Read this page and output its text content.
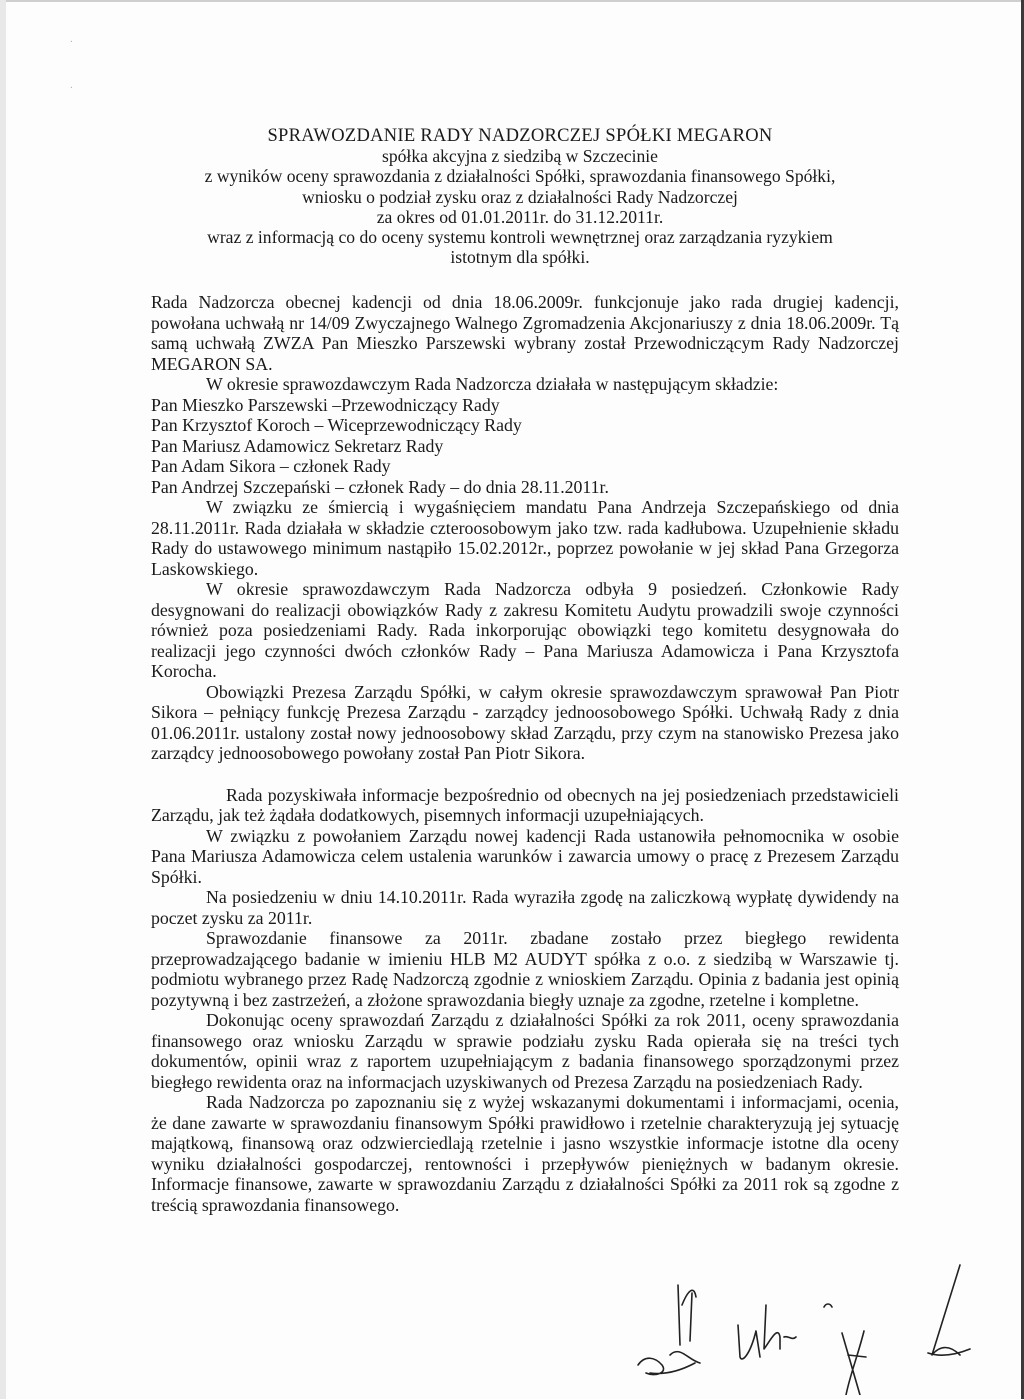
ˑ
ˑ

SPRAWOZDANIE RADY NADZORCZEJ SPÓŁKI MEGARON

spółka akcyjna z siedzibą w Szczecinie

z wyników oceny sprawozdania z działalności Spółki, sprawozdania finansowego Spółki,

wniosku o podział zysku oraz z działalności Rady Nadzorczej

za okres od 01.01.2011r. do 31.12.2011r.

wraz z informacją co do oceny systemu kontroli wewnętrznej oraz zarządzania ryzykiem

istotnym dla spółki.

Rada Nadzorcza obecnej kadencji od dnia 18.06.2009r. funkcjonuje jako rada drugiej kadencji, powołana uchwałą nr 14/09 Zwyczajnego Walnego Zgromadzenia Akcjonariuszy z dnia 18.06.2009r. Tą samą uchwałą ZWZA Pan Mieszko Parszewski wybrany został Przewodniczącym Rady Nadzorczej MEGARON SA.

W okresie sprawozdawczym Rada Nadzorcza działała w następującym składzie:

Pan Mieszko Parszewski –Przewodniczący Rady
Pan Krzysztof Koroch – Wiceprzewodniczący Rady
Pan Mariusz Adamowicz Sekretarz Rady
Pan Adam Sikora – członek Rady
Pan Andrzej Szczepański – członek Rady – do dnia 28.11.2011r.

W związku ze śmiercią i wygaśnięciem mandatu Pana Andrzeja Szczepańskiego od dnia 28.11.2011r. Rada działała w składzie czteroosobowym jako tzw. rada kadłubowa. Uzupełnienie składu Rady do ustawowego minimum nastąpiło 15.02.2012r., poprzez powołanie w jej skład Pana Grzegorza Laskowskiego.

W okresie sprawozdawczym Rada Nadzorcza odbyła 9 posiedzeń. Członkowie Rady desygnowani do realizacji obowiązków Rady z zakresu Komitetu Audytu prowadzili swoje czynności również poza posiedzeniami Rady. Rada inkorporując obowiązki tego komitetu desygnowała do realizacji jego czynności dwóch członków Rady – Pana Mariusza Adamowicza i Pana Krzysztofa Korocha.

Obowiązki Prezesa Zarządu Spółki, w całym okresie sprawozdawczym sprawował Pan Piotr Sikora – pełniący funkcję Prezesa Zarządu - zarządcy jednoosobowego Spółki. Uchwałą Rady z dnia 01.06.2011r. ustalony został nowy jednoosobowy skład Zarządu, przy czym na stanowisko Prezesa jako zarządcy jednoosobowego powołany został Pan Piotr Sikora.

Rada pozyskiwała informacje bezpośrednio od obecnych na jej posiedzeniach przedstawicieli Zarządu, jak też żądała dodatkowych, pisemnych informacji uzupełniających.

W związku z powołaniem Zarządu nowej kadencji Rada ustanowiła pełnomocnika w osobie Pana Mariusza Adamowicza celem ustalenia warunków i zawarcia umowy o pracę z Prezesem Zarządu Spółki.

Na posiedzeniu w dniu 14.10.2011r. Rada wyraziła zgodę na zaliczkową wypłatę dywidendy na poczet zysku za 2011r.

Sprawozdanie finansowe za 2011r. zbadane zostało przez biegłego rewidenta przeprowadzającego badanie w imieniu HLB M2 AUDYT spółka z o.o. z siedzibą w Warszawie tj. podmiotu wybranego przez Radę Nadzorczą zgodnie z wnioskiem Zarządu. Opinia z badania jest opinią pozytywną i bez zastrzeżeń, a złożone sprawozdania biegły uznaje za zgodne, rzetelne i kompletne.

Dokonując oceny sprawozdań Zarządu z działalności Spółki za rok 2011, oceny sprawozdania finansowego oraz wniosku Zarządu w sprawie podziału zysku Rada opierała się na treści tych dokumentów, opinii wraz z raportem uzupełniającym z badania finansowego sporządzonymi przez biegłego rewidenta oraz na informacjach uzyskiwanych od Prezesa Zarządu na posiedzeniach Rady.

Rada Nadzorcza po zapoznaniu się z wyżej wskazanymi dokumentami i informacjami, ocenia, że dane zawarte w sprawozdaniu finansowym Spółki prawidłowo i rzetelnie charakteryzują jej sytuację majątkową, finansową oraz odzwierciedlają rzetelnie i jasno wszystkie informacje istotne dla oceny wyniku działalności gospodarczej, rentowności i przepływów pieniężnych w badanym okresie. Informacje finansowe, zawarte w sprawozdaniu Zarządu z działalności Spółki za 2011 rok są zgodne z treścią sprawozdania finansowego.
